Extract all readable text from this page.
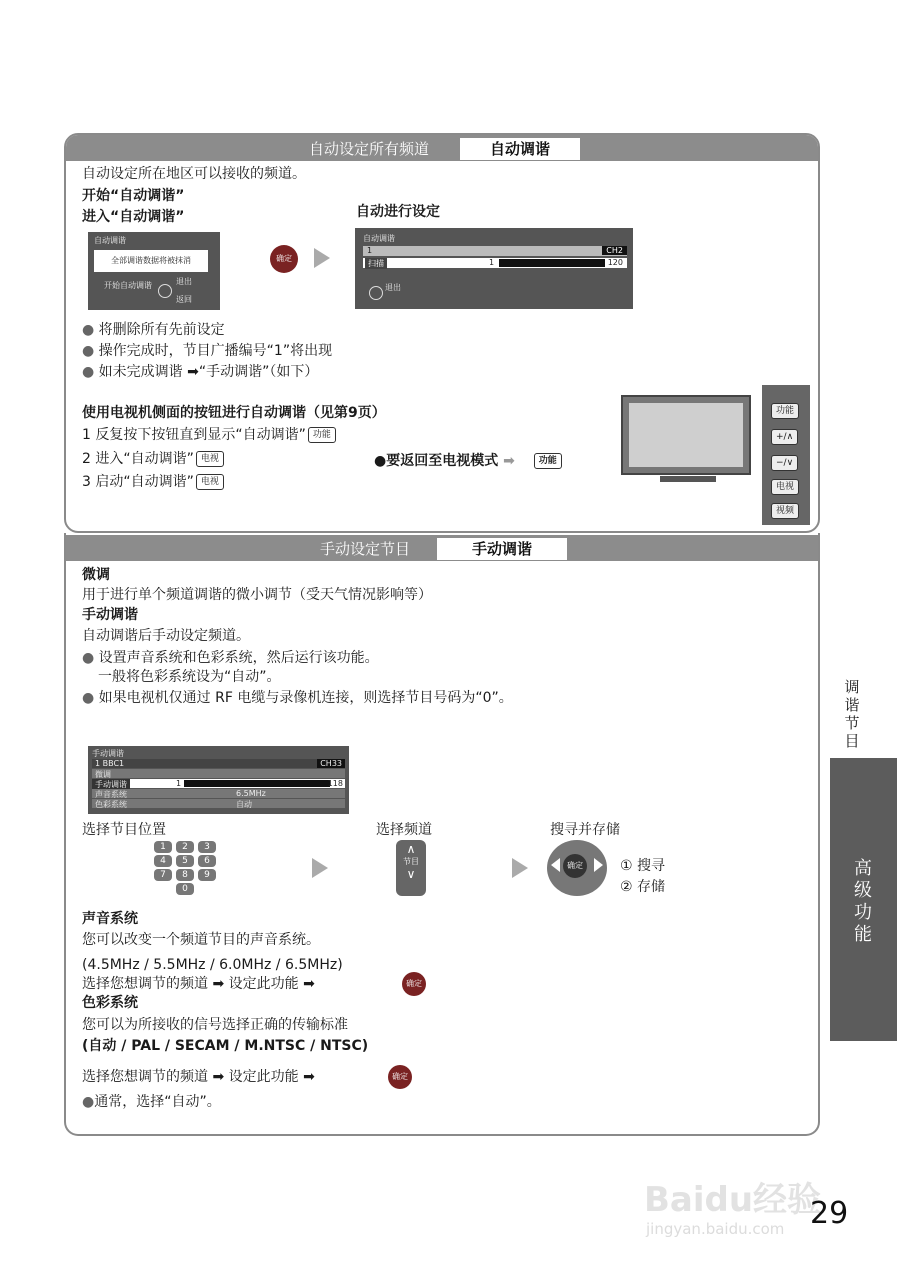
自动设定所有频道	自动调谐
自动设定所在地区可以接收的频道。
开始“自动调谐”
进入“自动调谐”	自动进行设定
自动调谐
全部调谐数据将被抹消
开始自动调谐	退出
返回
确定
自动调谐
1	CH2
扫描	1	120
退出
● 将删除所有先前设定
● 操作完成时，节目广播编号“1”将出现
● 如未完成调谐 ➡“手动调谐”（如下）
使用电视机侧面的按钮进行自动调谐（见第9页）
1 反复按下按钮直到显示“自动调谐” 功能
2 进入“自动调谐” 电视
3 启动“自动调谐” 电视
●要返回至电视模式 ➡	功能
功能
+/∧
−/∨
电视
视频
手动设定节目	手动调谐
微调
用于进行单个频道调谐的微小调节（受天气情况影响等）
手动调谐
自动调谐后手动设定频道。
● 设置声音系统和色彩系统，然后运行该功能。
一般将色彩系统设为“自动”。
● 如果电视机仅通过 RF 电缆与录像机连接，则选择节目号码为“0”。
手动调谐
1 BBC1	CH33
微调
手动调谐	1	118
声音系统	6.5MHz
色彩系统	自动
选择节目位置	选择频道	搜寻并存储
1	2	3
4	5	6
7	8	9
0
∧
节目
∨
确定	① 搜寻
② 存储
声音系统
您可以改变一个频道节目的声音系统。
(4.5MHz / 5.5MHz / 6.0MHz / 6.5MHz)
选择您想调节的频道 ➡ 设定此功能 ➡	确定
色彩系统
您可以为所接收的信号选择正确的传输标准
(自动 / PAL / SECAM / M.NTSC / NTSC)
选择您想调节的频道 ➡ 设定此功能 ➡	确定
●通常，选择“自动”。
调谐节目
高级功能
Baidu经验
jingyan.baidu.com 29
